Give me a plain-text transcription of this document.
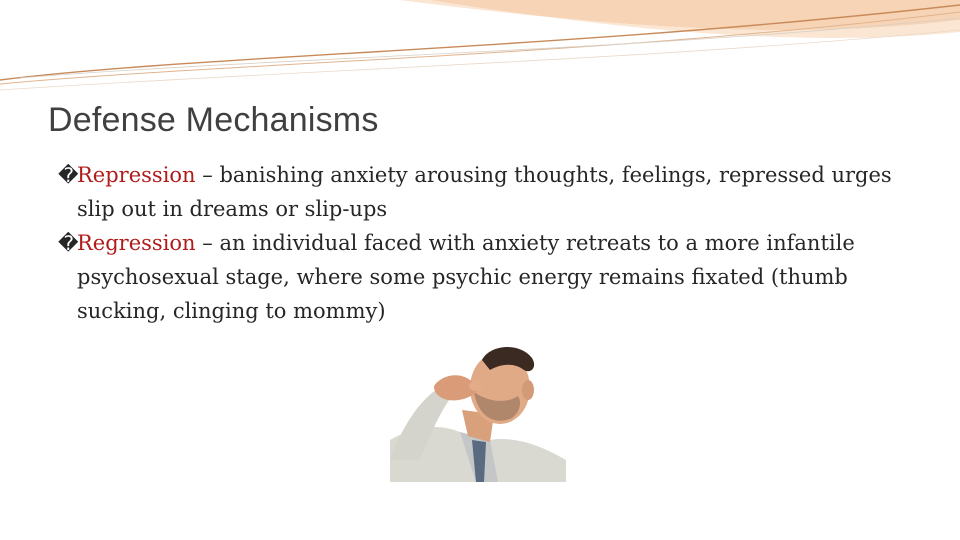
Defense Mechanisms
�
Repression – banishing anxiety arousing thoughts, feelings, repressed urges slip out in dreams or slip-ups
�
Regression – an individual faced with anxiety retreats to a more infantile psychosexual stage, where some psychic energy remains fixated (thumb sucking, clinging to mommy)
